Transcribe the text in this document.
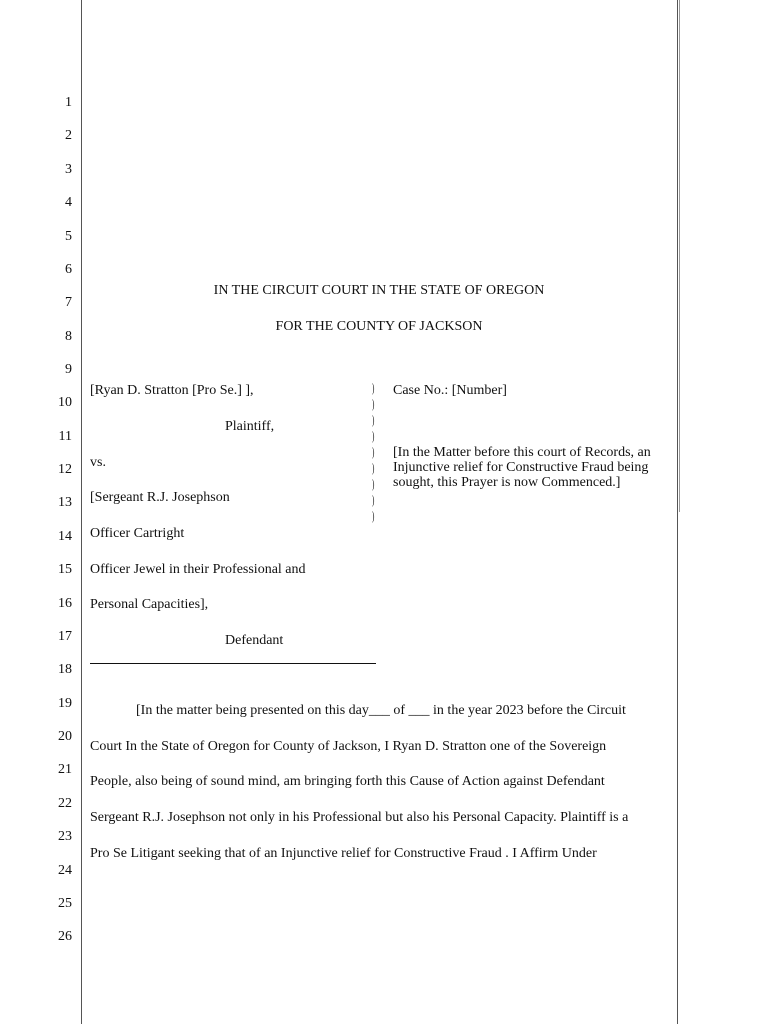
1
2
3
4
5
6
7
8
9
10
11
12
13
14
15
16
17
18
19
20
21
22
23
24
25
26
IN THE CIRCUIT COURT IN THE STATE OF OREGON
FOR THE COUNTY OF JACKSON
[Ryan D. Stratton [Pro Se.] ],
Plaintiff,
vs.
[Sergeant R.J. Josephson
Officer Cartright
Officer Jewel in their Professional and
Personal Capacities],
Defendant
)
)
)
)
)
)
)
)
)
Case No.: [Number]
[In the Matter before this court of Records, an Injunctive relief for Constructive Fraud being sought, this Prayer is now Commenced.]
[In the matter being presented on this day___ of ___ in the year 2023 before the Circuit
Court In the State of Oregon for County of Jackson, I Ryan D. Stratton one of the Sovereign
People, also being of sound mind, am bringing forth this Cause of Action against Defendant
Sergeant R.J. Josephson not only in his Professional but also his Personal Capacity. Plaintiff is a
Pro Se Litigant seeking that of an Injunctive relief for Constructive Fraud . I Affirm Under
